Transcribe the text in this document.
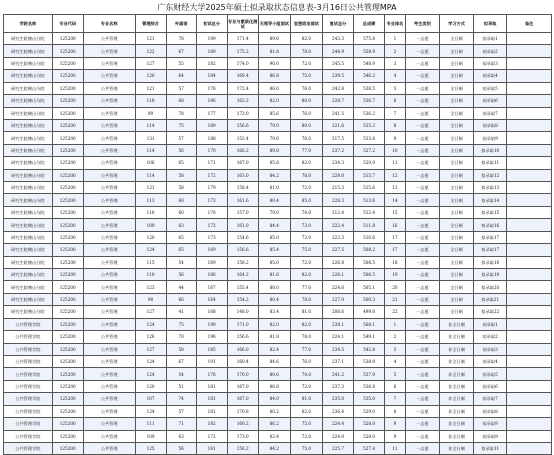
广东财经大学2025年硕士拟录取状态信息表-3月16日公共管理MPA
学院名称	专业代码	专业名称	管理综合	外国语	初试总分	专业与素质化测试	无领导小组面试	思想政治面试	复试总分	总成绩	专业排名	考生类别	学习方式	拟录取	备注
研究生院佛山分院	125200	公共管理	121	78	199	171.4	89.6	82.0	243.3	575.8	1	一志愿	全日制	拟录取1	
研究生院佛山分院	125200	公共管理	122	67	189	175.2	81.8	78.0	244.9	558.9	2	一志愿	全日制	拟录取2	
研究生院佛山分院	125200	公共管理	127	55	182	174.0	90.0	72.0	245.5	548.9	3	一志愿	全日制	拟录取3	
研究生院佛山分院	125200	公共管理	120	64	184	169.4	86.8	75.0	239.5	546.2	4	一志愿	全日制	拟录取4	
研究生院佛山分院	125200	公共管理	121	57	178	172.4	86.0	76.0	242.8	538.5	5	一志愿	全日制	拟录取5	
研究生院佛山分院	125200	公共管理	118	68	186	163.2	82.0	80.0	228.7	536.7	6	一志愿	全日制	拟录取6	
研究生院佛山分院	125200	公共管理	99	78	177	173.0	85.6	76.0	241.5	536.2	7	一志愿	全日制	拟录取7	
研究生院佛山分院	125200	公共管理	114	75	189	156.6	79.0	80.0	221.6	535.3	8	一志愿	全日制	拟录取8	
研究生院佛山分院	125200	公共管理	131	57	188	153.4	79.6	76.0	217.5	533.8	9	一志愿	全日制	拟录取9	
研究生院佛山分院	125200	公共管理	114	56	170	166.2	89.8	77.0	237.2	527.2	10	一志愿	全日制	拟录取10	
研究生院佛山分院	125200	公共管理	106	65	171	167.0	85.8	82.0	234.3	520.9	11	一志愿	全日制	拟录取11	
研究生院佛山分院	125200	公共管理	114	58	172	163.0	84.2	78.0	228.0	515.7	12	一志愿	全日制	拟录取12	
研究生院佛山分院	125200	公共管理	121	58	179	158.4	81.0	72.0	215.3	515.6	13	一志愿	全日制	拟录取13	
研究生院佛山分院	125200	公共管理	113	60	173	161.6	80.4	85.0	228.3	513.6	14	一志愿	全日制	拟录取14	
研究生院佛山分院	125200	公共管理	118	60	178	157.0	79.0	74.0	212.4	512.4	15	一志愿	全日制	拟录取15	
研究生院佛山分院	125200	公共管理	109	63	172	161.0	84.4	73.0	222.4	511.8	16	一志愿	全日制	拟录取16	
研究生院佛山分院	125200	公共管理	120	65	173	154.6	85.0	72.0	222.3	510.6	17	一志愿	全日制	拟录取17	
研究生院佛山分院	125200	公共管理	124	65	169	156.6	85.4	75.0	227.5	508.2	17	一志愿	全日制	拟录取17	
研究生院佛山分院	125200	公共管理	115	54	169	158.2	85.0	72.0	226.8	508.5	18	一志愿	全日制	拟录取18	
研究生院佛山分院	125200	公共管理	110	56	166	164.2	81.6	82.0	226.1	506.5	19	一志愿	全日制	拟录取19	
研究生院佛山分院	125200	公共管理	123	44	167	155.4	88.0	77.0	224.6	505.1	20	一志愿	全日制	拟录取20	
研究生院佛山分院	125200	公共管理	98	66	164	154.2	80.4	78.0	227.0	500.3	21	一志愿	全日制	拟录取21	
研究生院佛山分院	125200	公共管理	127	41	168	148.0	83.4	81.0	208.6	499.6	22	一志愿	全日制	拟录取22	
公共管理学院	125200	公共管理	124	75	199	171.0	82.0	82.0	238.1	568.1	1	一志愿	非全日制	拟录取1	
公共管理学院	125200	公共管理	126	70	196	156.6	81.8	78.0	224.1	549.1	2	一志愿	非全日制	拟录取2	
公共管理学院	125200	公共管理	127	58	185	166.0	82.4	77.0	234.5	542.8	3	一志愿	非全日制	拟录取3	
公共管理学院	125200	公共管理	124	67	191	160.4	84.6	76.0	237.1	538.9	4	一志愿	非全日制	拟录取4	
公共管理学院	125200	公共管理	124	54	178	170.0	80.6	74.0	241.2	537.9	5	一志愿	非全日制	拟录取5	
公共管理学院	125200	公共管理	120	51	181	167.0	86.8	72.0	237.3	536.8	6	一志愿	非全日制	拟录取6	
公共管理学院	125200	公共管理	107	74	181	167.0	84.0	81.0	235.0	535.0	7	一志愿	非全日制	拟录取7	
公共管理学院	125200	公共管理	124	57	181	170.8	80.2	82.0	236.4	529.0	8	一志愿	非全日制	拟录取8	
公共管理学院	125200	公共管理	111	71	182	160.2	86.2	75.0	224.4	528.0	9	一志愿	非全日制	拟录取9	
公共管理学院	125200	公共管理	109	63	172	173.0	82.4	72.0	224.0	528.0	9	一志愿	非全日制	拟录取9	
公共管理学院	125200	公共管理	125	56	181	156.2	84.2	75.0	225.7	527.4	11	一志愿	非全日制	拟录取11	
